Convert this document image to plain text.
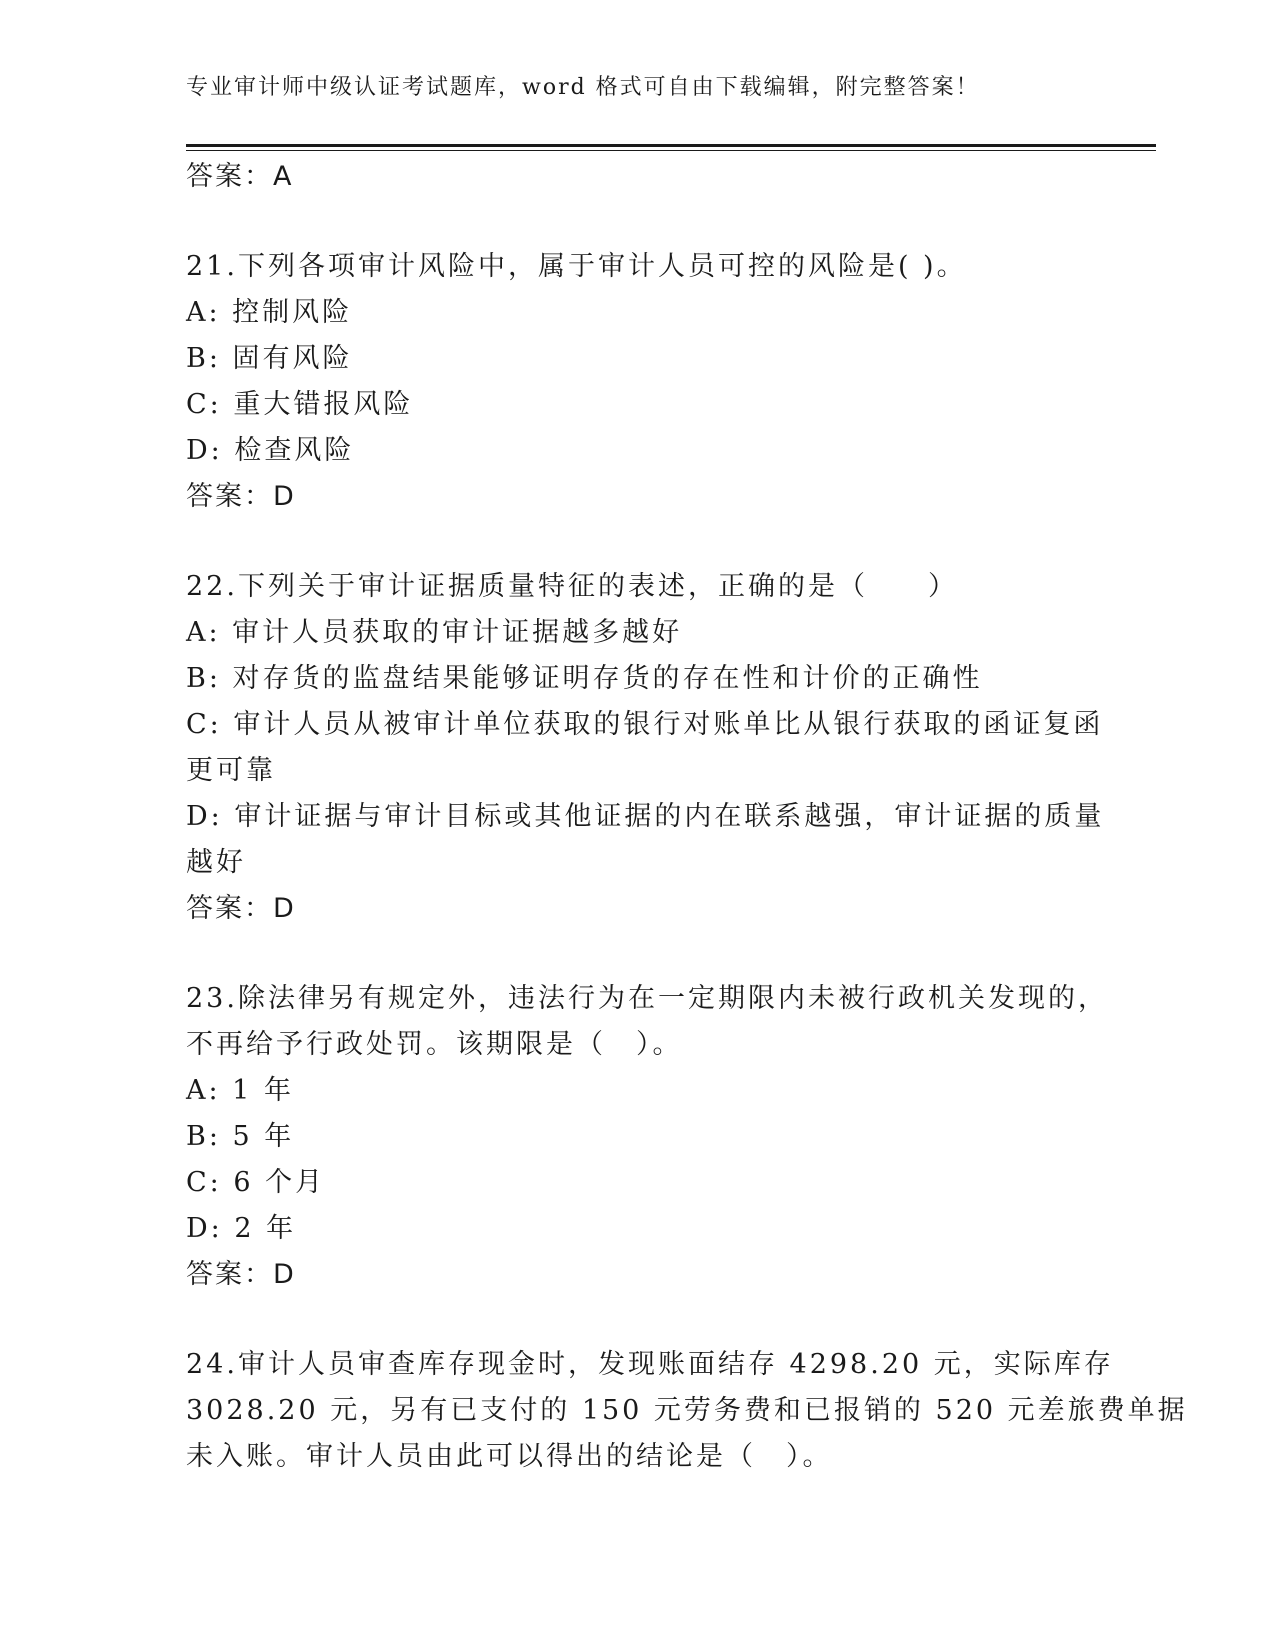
专业审计师中级认证考试题库，word 格式可自由下载编辑，附完整答案！
答案：A
21.下列各项审计风险中，属于审计人员可控的风险是( )。
A: 控制风险
B: 固有风险
C: 重大错报风险
D: 检查风险
答案：D
22.下列关于审计证据质量特征的表述，正确的是（　　）
A: 审计人员获取的审计证据越多越好
B: 对存货的监盘结果能够证明存货的存在性和计价的正确性
C: 审计人员从被审计单位获取的银行对账单比从银行获取的函证复函
更可靠
D: 审计证据与审计目标或其他证据的内在联系越强，审计证据的质量
越好
答案：D
23.除法律另有规定外，违法行为在一定期限内未被行政机关发现的，
不再给予行政处罚。该期限是（　）。
A: 1 年
B: 5 年
C: 6 个月
D: 2 年
答案：D
24.审计人员审查库存现金时，发现账面结存 4298.20 元，实际库存
3028.20 元，另有已支付的 150 元劳务费和已报销的 520 元差旅费单据
未入账。审计人员由此可以得出的结论是（　）。
